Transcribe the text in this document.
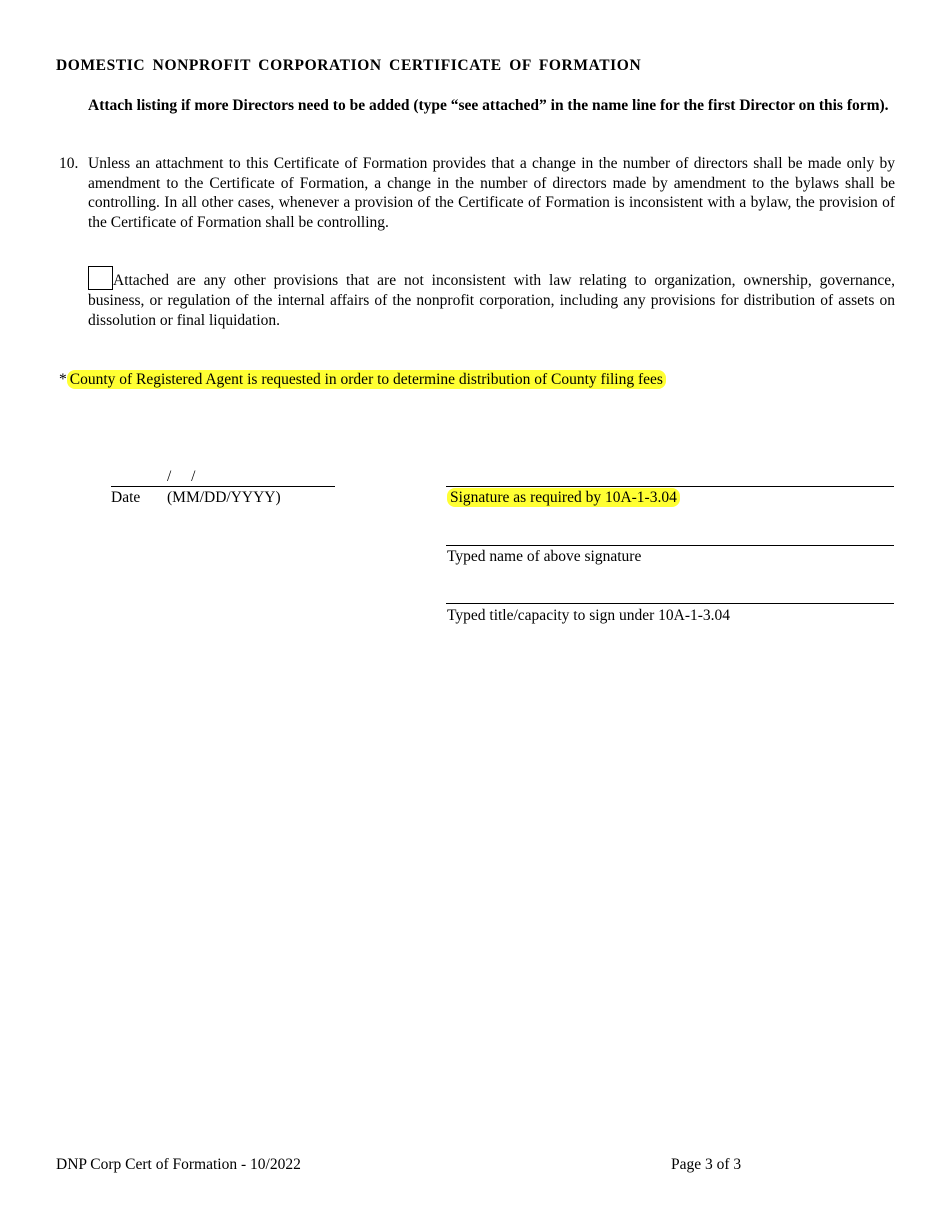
DOMESTIC NONPROFIT CORPORATION CERTIFICATE OF FORMATION
Attach listing if more Directors need to be added (type “see attached” in the name line for the first Director on this form).
10. Unless an attachment to this Certificate of Formation provides that a change in the number of directors shall be made only by amendment to the Certificate of Formation, a change in the number of directors made by amendment to the bylaws shall be controlling. In all other cases, whenever a provision of the Certificate of Formation is inconsistent with a bylaw, the provision of the Certificate of Formation shall be controlling.
Attached are any other provisions that are not inconsistent with law relating to organization, ownership, governance, business, or regulation of the internal affairs of the nonprofit corporation, including any provisions for distribution of assets on dissolution or final liquidation.
* County of Registered Agent is requested in order to determine distribution of County filing fees
/ /
Date (MM/DD/YYYY)	Signature as required by 10A-1-3.04
Typed name of above signature
Typed title/capacity to sign under 10A-1-3.04
DNP Corp Cert of Formation - 10/2022	Page 3 of 3
